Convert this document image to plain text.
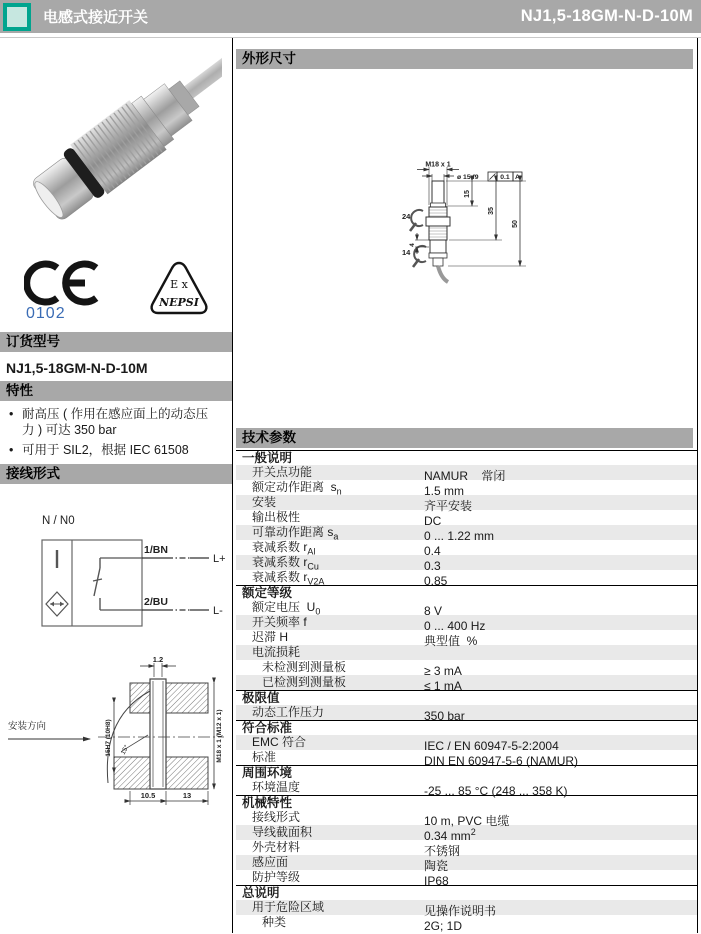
电感式接近开关	NJ1,5-18GM-N-D-10M
0102
E x
NEPSI
订货型号
NJ1,5-18GM-N-D-10M
特性
• 耐高压 ( 作用在感应面上的动态压力 ) 可达 350 bar
• 可用于 SIL2，根据 IEC 61508
接线形式
N / N0
1/BN
2/BU
L+
L-
安装方向
1.2
15H7 (10H8) 15°	M18 x 1 (M12 x 1)
10.5	13
外形尺寸
M18 x 1
ø 15 f9	0.1 A
24
14
4
15
35
50
技术参数
一般说明
开关点功能	NAMUR    常闭
额定动作距离  $s_n$	1.5 mm
安装	齐平安装
输出极性	DC
可靠动作距离 $s_a$	0 ... 1.22 mm
衰减系数 $r_{Al}$	0.4
衰减系数 $r_{Cu}$	0.3
衰减系数 $r_{V2A}$	0.85
额定等级
额定电压  $U_0$	8 V
开关频率 f	0 ... 400 Hz
迟滞 H	典型值  %
电流损耗
未检测到测量板	≥ 3 mA
已检测到测量板	≤ 1 mA
极限值
动态工作压力	350 bar
符合标准
EMC 符合	IEC / EN 60947-5-2:2004
标准	DIN EN 60947-5-6 (NAMUR)
周围环境
环境温度	-25 ... 85 °C (248 ... 358 K)
机械特性
接线形式	10 m, PVC 电缆
导线截面积	0.34 $mm^2$
外壳材料	不锈钢
感应面	陶瓷
防护等级	IP68
总说明
用于危险区域	见操作说明书
种类	2G; 1D
